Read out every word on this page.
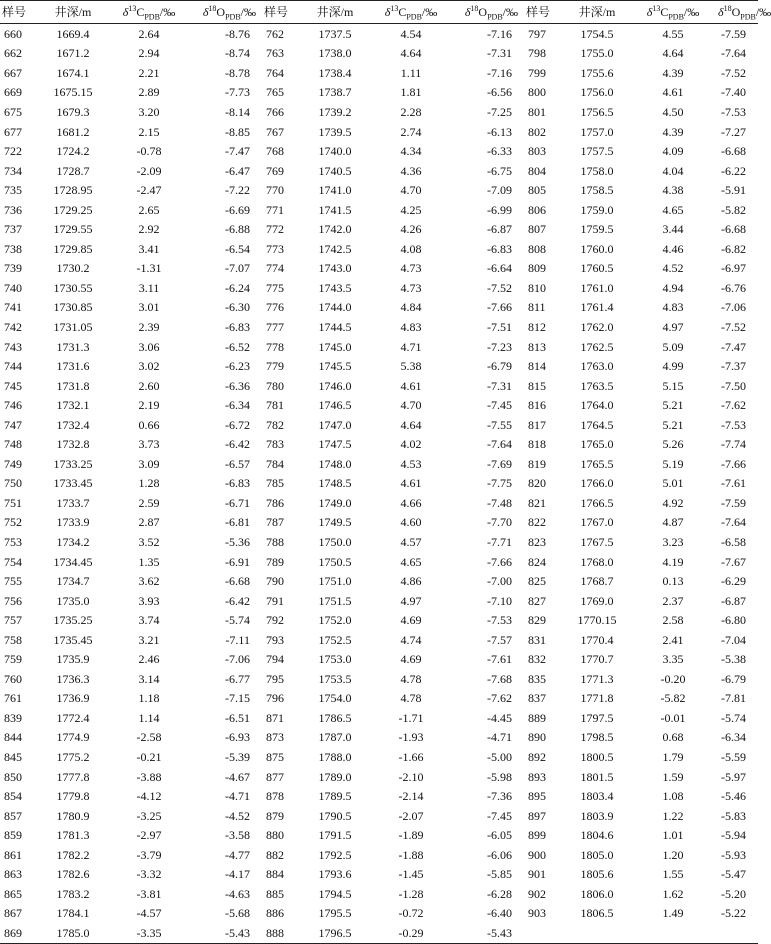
样号	井深/m	$\delta^{13}C_{PDB}/‰$	$\delta^{18}O_{PDB}/‰$	样号	井深/m	$\delta^{13}C_{PDB}/‰$	$\delta^{18}O_{PDB}/‰$	样号	井深/m	$\delta^{13}C_{PDB}/‰$	$\delta^{18}O_{PDB}/‰$
660	1669.4	2.64	-8.76	762	1737.5	4.54	-7.16	797	1754.5	4.55	-7.59
662	1671.2	2.94	-8.74	763	1738.0	4.64	-7.31	798	1755.0	4.64	-7.64
667	1674.1	2.21	-8.78	764	1738.4	1.11	-7.16	799	1755.6	4.39	-7.52
669	1675.15	2.89	-7.73	765	1738.7	1.81	-6.56	800	1756.0	4.61	-7.40
675	1679.3	3.20	-8.14	766	1739.2	2.28	-7.25	801	1756.5	4.50	-7.53
677	1681.2	2.15	-8.85	767	1739.5	2.74	-6.13	802	1757.0	4.39	-7.27
722	1724.2	-0.78	-7.47	768	1740.0	4.34	-6.33	803	1757.5	4.09	-6.68
734	1728.7	-2.09	-6.47	769	1740.5	4.36	-6.75	804	1758.0	4.04	-6.22
735	1728.95	-2.47	-7.22	770	1741.0	4.70	-7.09	805	1758.5	4.38	-5.91
736	1729.25	2.65	-6.69	771	1741.5	4.25	-6.99	806	1759.0	4.65	-5.82
737	1729.55	2.92	-6.88	772	1742.0	4.26	-6.87	807	1759.5	3.44	-6.68
738	1729.85	3.41	-6.54	773	1742.5	4.08	-6.83	808	1760.0	4.46	-6.82
739	1730.2	-1.31	-7.07	774	1743.0	4.73	-6.64	809	1760.5	4.52	-6.97
740	1730.55	3.11	-6.24	775	1743.5	4.73	-7.52	810	1761.0	4.94	-6.76
741	1730.85	3.01	-6.30	776	1744.0	4.84	-7.66	811	1761.4	4.83	-7.06
742	1731.05	2.39	-6.83	777	1744.5	4.83	-7.51	812	1762.0	4.97	-7.52
743	1731.3	3.06	-6.52	778	1745.0	4.71	-7.23	813	1762.5	5.09	-7.47
744	1731.6	3.02	-6.23	779	1745.5	5.38	-6.79	814	1763.0	4.99	-7.37
745	1731.8	2.60	-6.36	780	1746.0	4.61	-7.31	815	1763.5	5.15	-7.50
746	1732.1	2.19	-6.34	781	1746.5	4.70	-7.45	816	1764.0	5.21	-7.62
747	1732.4	0.66	-6.72	782	1747.0	4.64	-7.55	817	1764.5	5.21	-7.53
748	1732.8	3.73	-6.42	783	1747.5	4.02	-7.64	818	1765.0	5.26	-7.74
749	1733.25	3.09	-6.57	784	1748.0	4.53	-7.69	819	1765.5	5.19	-7.66
750	1733.45	1.28	-6.83	785	1748.5	4.61	-7.75	820	1766.0	5.01	-7.61
751	1733.7	2.59	-6.71	786	1749.0	4.66	-7.48	821	1766.5	4.92	-7.59
752	1733.9	2.87	-6.81	787	1749.5	4.60	-7.70	822	1767.0	4.87	-7.64
753	1734.2	3.52	-5.36	788	1750.0	4.57	-7.71	823	1767.5	3.23	-6.58
754	1734.45	1.35	-6.91	789	1750.5	4.65	-7.66	824	1768.0	4.19	-7.67
755	1734.7	3.62	-6.68	790	1751.0	4.86	-7.00	825	1768.7	0.13	-6.29
756	1735.0	3.93	-6.42	791	1751.5	4.97	-7.10	827	1769.0	2.37	-6.87
757	1735.25	3.74	-5.74	792	1752.0	4.69	-7.53	829	1770.15	2.58	-6.80
758	1735.45	3.21	-7.11	793	1752.5	4.74	-7.57	831	1770.4	2.41	-7.04
759	1735.9	2.46	-7.06	794	1753.0	4.69	-7.61	832	1770.7	3.35	-5.38
760	1736.3	3.14	-6.77	795	1753.5	4.78	-7.68	835	1771.3	-0.20	-6.79
761	1736.9	1.18	-7.15	796	1754.0	4.78	-7.62	837	1771.8	-5.82	-7.81
839	1772.4	1.14	-6.51	871	1786.5	-1.71	-4.45	889	1797.5	-0.01	-5.74
844	1774.9	-2.58	-6.93	873	1787.0	-1.93	-4.71	890	1798.5	0.68	-6.34
845	1775.2	-0.21	-5.39	875	1788.0	-1.66	-5.00	892	1800.5	1.79	-5.59
850	1777.8	-3.88	-4.67	877	1789.0	-2.10	-5.98	893	1801.5	1.59	-5.97
854	1779.8	-4.12	-4.71	878	1789.5	-2.14	-7.36	895	1803.4	1.08	-5.46
857	1780.9	-3.25	-4.52	879	1790.5	-2.07	-7.45	897	1803.9	1.22	-5.83
859	1781.3	-2.97	-3.58	880	1791.5	-1.89	-6.05	899	1804.6	1.01	-5.94
861	1782.2	-3.79	-4.77	882	1792.5	-1.88	-6.06	900	1805.0	1.20	-5.93
863	1782.6	-3.32	-4.17	884	1793.6	-1.45	-5.85	901	1805.6	1.55	-5.47
865	1783.2	-3.81	-4.63	885	1794.5	-1.28	-6.28	902	1806.0	1.62	-5.20
867	1784.1	-4.57	-5.68	886	1795.5	-0.72	-6.40	903	1806.5	1.49	-5.22
869	1785.0	-3.35	-5.43	888	1796.5	-0.29	-5.43				
